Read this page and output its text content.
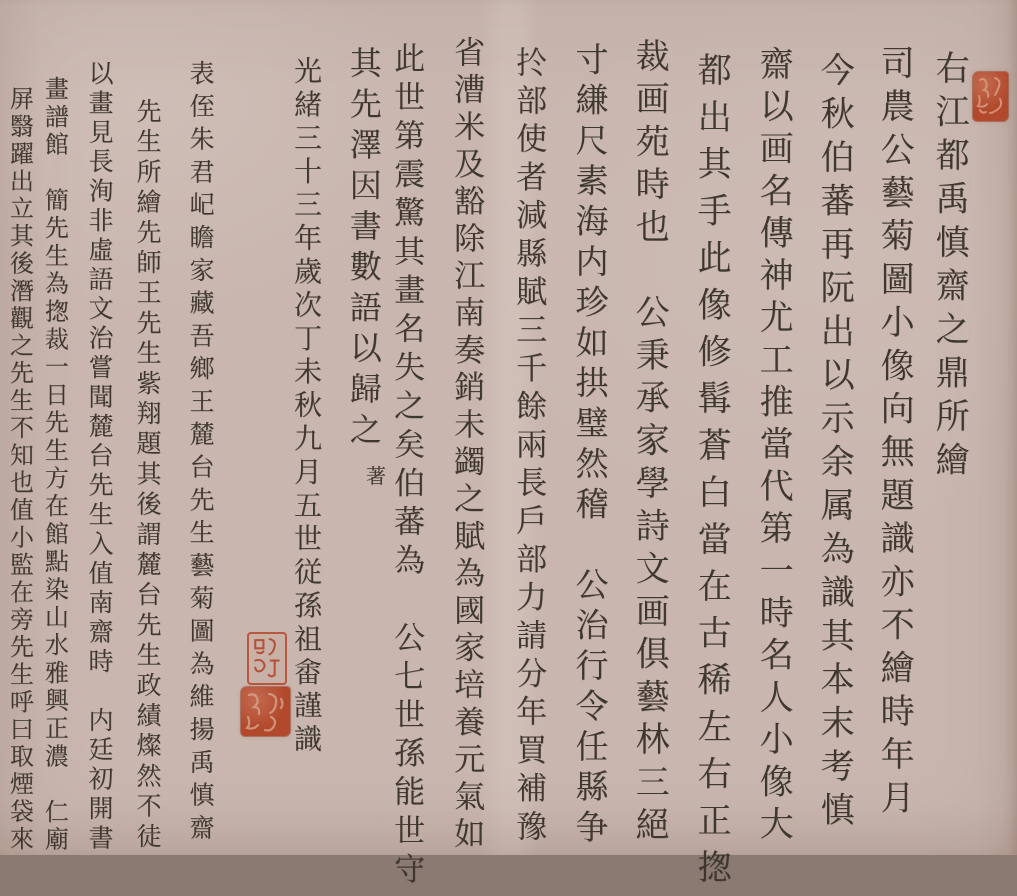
右江都禹慎齋之鼎所繪
司農公藝菊圖小像向無題識亦不繪時年月
今秋伯蕃再阮出以示余属為識其本末考慎
齋以画名傳神尤工推當代第一時名人小像大
都出其手此像修髯蒼白當在古稀左右正揔
裁画苑時也　公秉承家學詩文画俱藝林三絕
寸縑尺素海内珍如拱璧然稽　公治行令任縣争
扵部使者減縣賦三千餘兩長戶部力請分年買補豫
省漕米及豁除江南奏銷未蠲之賦為國家培養元氣如
此世第震驚其畫名失之矣伯蕃為　公七世孫能世守
其先澤因書數語以歸之
光緒三十三年歲次丁未秋九月五世従孫祖畬謹識
表侄朱君屺瞻家藏吾鄉王麓台先生藝菊圖為維揚禹慎齋
先生所繪先師王先生紫翔題其後謂麓台先生政績燦然不徒
以畫見長洵非虛語文治嘗聞麓台先生入值南齋時　内廷初開書
畫譜館　簡先生為揔裁一日先生方在館點染山水雅興正濃　仁廟
屏翳躍出立其後潛觀之先生不知也值小監在旁先生呼曰取煙袋來	著
